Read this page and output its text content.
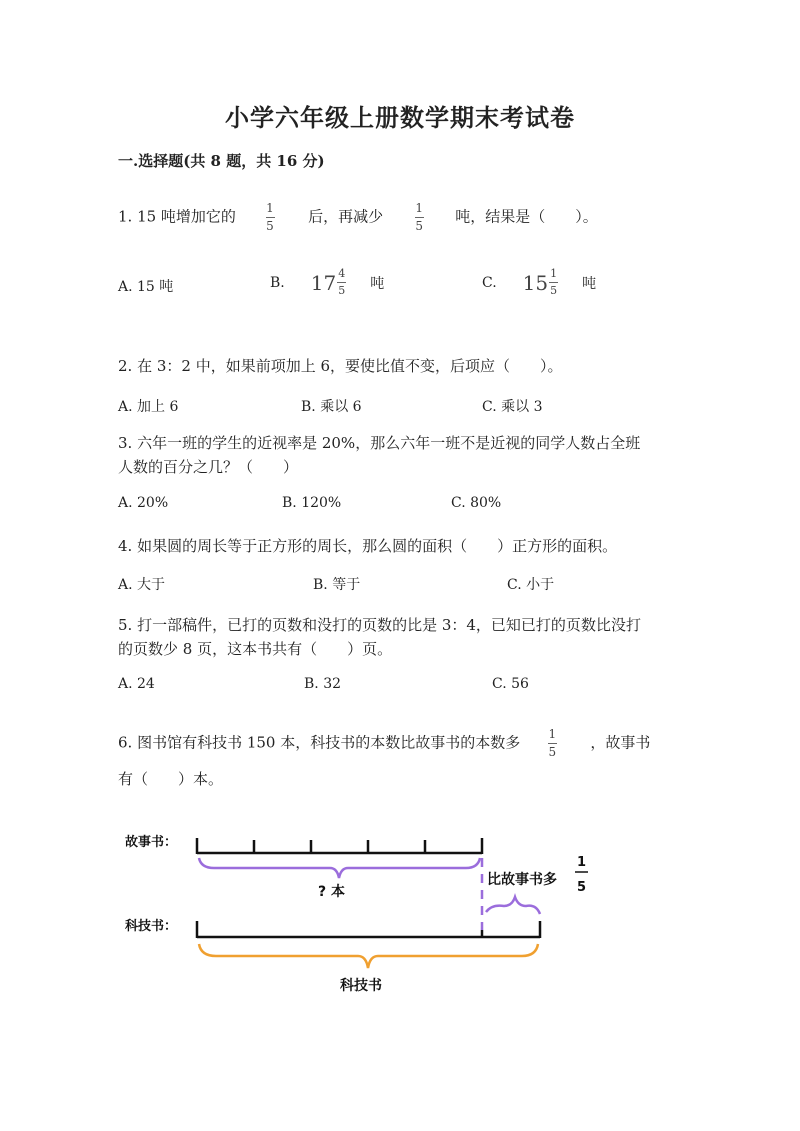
小学六年级上册数学期末考试卷
一.选择题(共 8 题，共 16 分)
1. 15 吨增加它的 $\frac{1}{5}$ 后，再减少	$\frac{1}{5}$ 吨，结果是（　　）。
A. 15 吨	B. $17 \frac{4}{5}$ 吨	C. $15 \frac{1}{5}$ 吨
2. 在 3：2 中，如果前项加上 6，要使比值不变，后项应（　　）。
A. 加上 6	B. 乘以 6	C. 乘以 3
3. 六年一班的学生的近视率是 20%，那么六年一班不是近视的同学人数占全班
人数的百分之几？（　　）
A. 20%	B. 120%	C. 80%
4. 如果圆的周长等于正方形的周长，那么圆的面积（　　）正方形的面积。
A. 大于	B. 等于	C. 小于
5. 打一部稿件，已打的页数和没打的页数的比是 3：4，已知已打的页数比没打
的页数少 8 页，这本书共有（　　）页。
A. 24	B. 32	C. 56
6. 图书馆有科技书 150 本，科技书的本数比故事书的本数多 $\frac{1}{5}$ ，故事书
有（　　）本。
故事书：
? 本
比故事书多
1
5
科技书：
科技书
